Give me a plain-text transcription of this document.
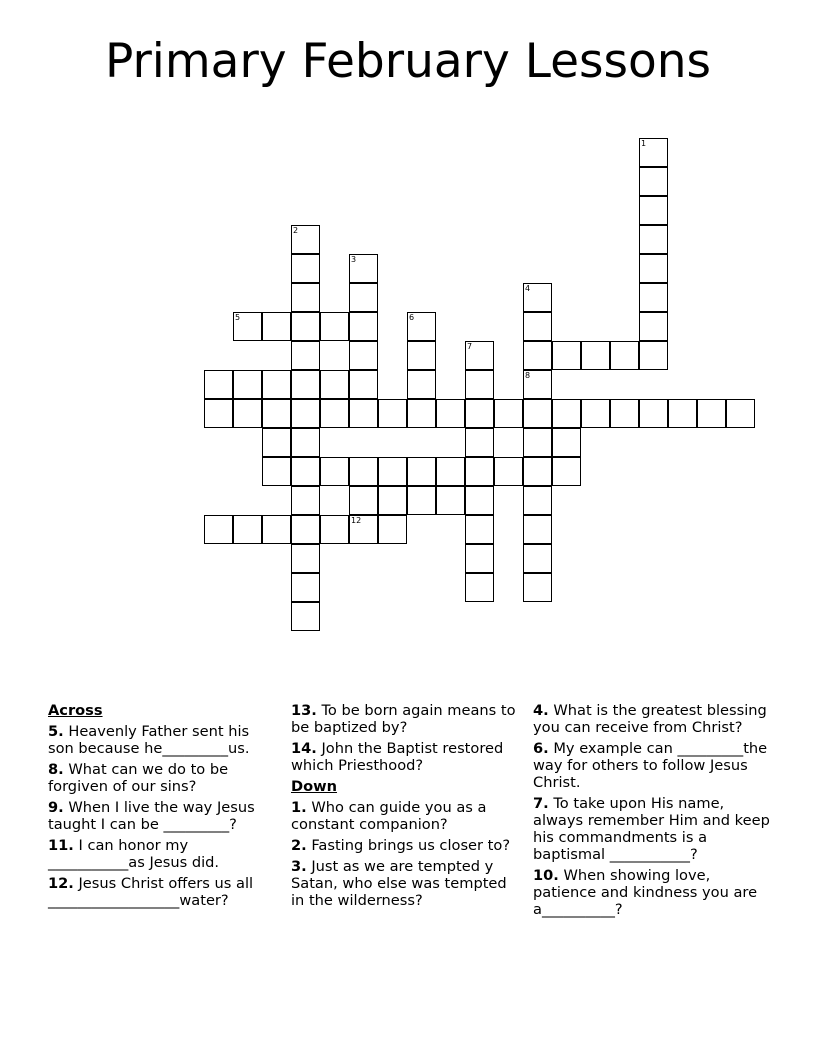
Primary February Lessons
1
2
3
4
8
5	6
7
12
Across
5. Heavenly Father sent his son because he_________us.
8. What can we do to be forgiven of our sins?
9. When I live the way Jesus taught I can be _________?
11. I can honor my ___________as Jesus did.
12. Jesus Christ offers us all __________________water?
13. To be born again means to be baptized by?
14. John the Baptist restored which Priesthood?
Down
1. Who can guide you as a constant companion?
2. Fasting brings us closer to?
3. Just as we are tempted y Satan, who else was tempted in the wilderness?
4. What is the greatest blessing you can receive from Christ?
6. My example can _________the way for others to follow Jesus Christ.
7. To take upon His name, always remember Him and keep his commandments is a baptismal ___________?
10. When showing love, patience and kindness you are a__________?
